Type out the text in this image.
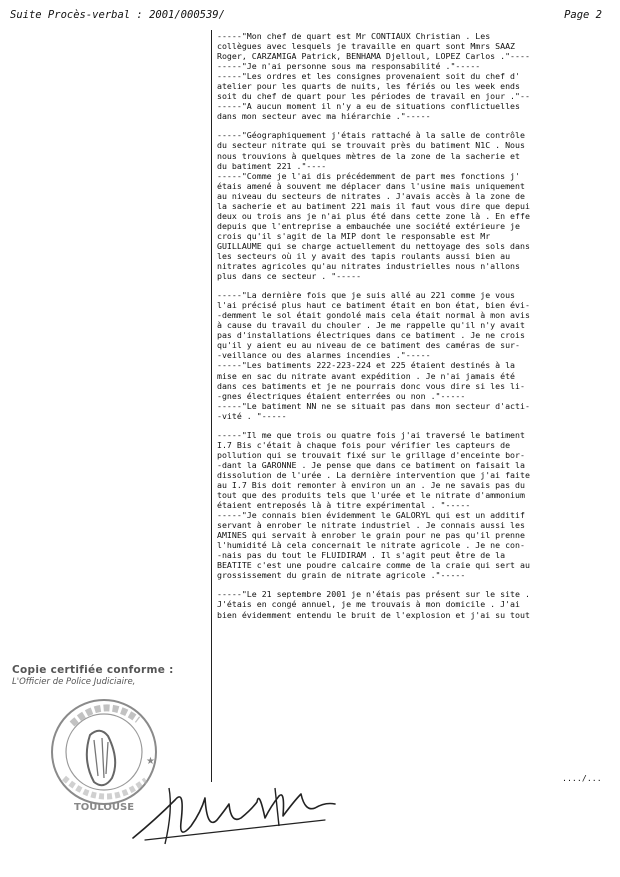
Suite Procès-verbal : 2001/000539/	Page 2

-----"Mon chef de quart est Mr CONTIAUX Christian . Les

collègues avec lesquels je travaille en quart sont Mmrs SAAZ

Roger, CARZAMIGA Patrick, BENHAMA Djelloul, LOPEZ Carlos ."----

-----"Je n'ai personne sous ma responsabilité ."-----

-----"Les ordres et les consignes provenaient soit du chef d'

atelier pour les quarts de nuits, les fériés ou les week ends

soit du chef de quart pour les périodes de travail en jour ."--

-----"A aucun moment il n'y a eu de situations conflictuelles

dans mon secteur avec ma hiérarchie ."-----

-----"Géographiquement j'étais rattaché à la salle de contrôle

du secteur nitrate qui se trouvait près du batiment N1C . Nous

nous trouvions à quelques mètres de la zone de la sacherie et

du batiment 221 ."----

-----"Comme je l'ai dis précédemment de part mes fonctions j'

étais amené à souvent me déplacer dans l'usine mais uniquement

au niveau du secteurs de nitrates . J'avais accès à la zone de

la sacherie et au batiment 221 mais il faut vous dire que depui

deux ou trois ans je n'ai plus été dans cette zone là . En effe

depuis que l'entreprise a embauchée une société extérieure je

crois qu'il s'agit de la MIP dont le responsable est Mr

GUILLAUME qui se charge actuellement du nettoyage des sols dans

les secteurs où il y avait des tapis roulants aussi bien au

nitrates agricoles qu'au nitrates industrielles nous n'allons

plus dans ce secteur . "-----

-----"La dernière fois que je suis allé au 221 comme je vous

l'ai précisé plus haut ce batiment était en bon état, bien évi-

-demment le sol était gondolé mais cela était normal à mon avis

à cause du travail du chouler . Je me rappelle qu'il n'y avait

pas d'installations électriques dans ce batiment . Je ne crois

qu'il y aient eu au niveau de ce batiment des caméras de sur-

-veillance ou des alarmes incendies ."-----

-----"Les batiments 222-223-224 et 225 étaient destinés à la

mise en sac du nitrate avant expédition . Je n'ai jamais été

dans ces batiments et je ne pourrais donc vous dire si les li-

-gnes électriques étaient enterrées ou non ."-----

-----"Le batiment NN ne se situait pas dans mon secteur d'acti-

-vité . "-----

-----"Il me que trois ou quatre fois j'ai traversé le batiment

I.7 Bis c'était à chaque fois pour vérifier les capteurs de

pollution qui se trouvait fixé sur le grillage d'enceinte bor-

-dant la GARONNE . Je pense que dans ce batiment on faisait la

dissolution de l'urée . La dernière intervention que j'ai faite

au I.7 Bis doit remonter à environ un an . Je ne savais pas du

tout que des produits tels que l'urée et le nitrate d'ammonium

étaient entreposés là à titre expérimental . "-----

-----"Je connais bien évidemment le GALORYL qui est un additif

servant à enrober le nitrate industriel . Je connais aussi les

AMINES qui servait à enrober le grain pour ne pas qu'il prenne

l'humidité Là cela concernait le nitrate agricole . Je ne con-

-nais pas du tout le FLUIDIRAM . Il s'agit peut être de la

BEATITE c'est une poudre calcaire comme de la craie qui sert au

grossissement du grain de nitrate agricole ."-----

-----"Le 21 septembre 2001 je n'étais pas présent sur le site .

J'étais en congé annuel, je me trouvais à mon domicile . J'ai

bien évidemment entendu le bruit de l'explosion et j'ai su tout

Copie certifiée conforme :
L'Officier de Police Judiciaire,
TOULOUSE
★
..../...
